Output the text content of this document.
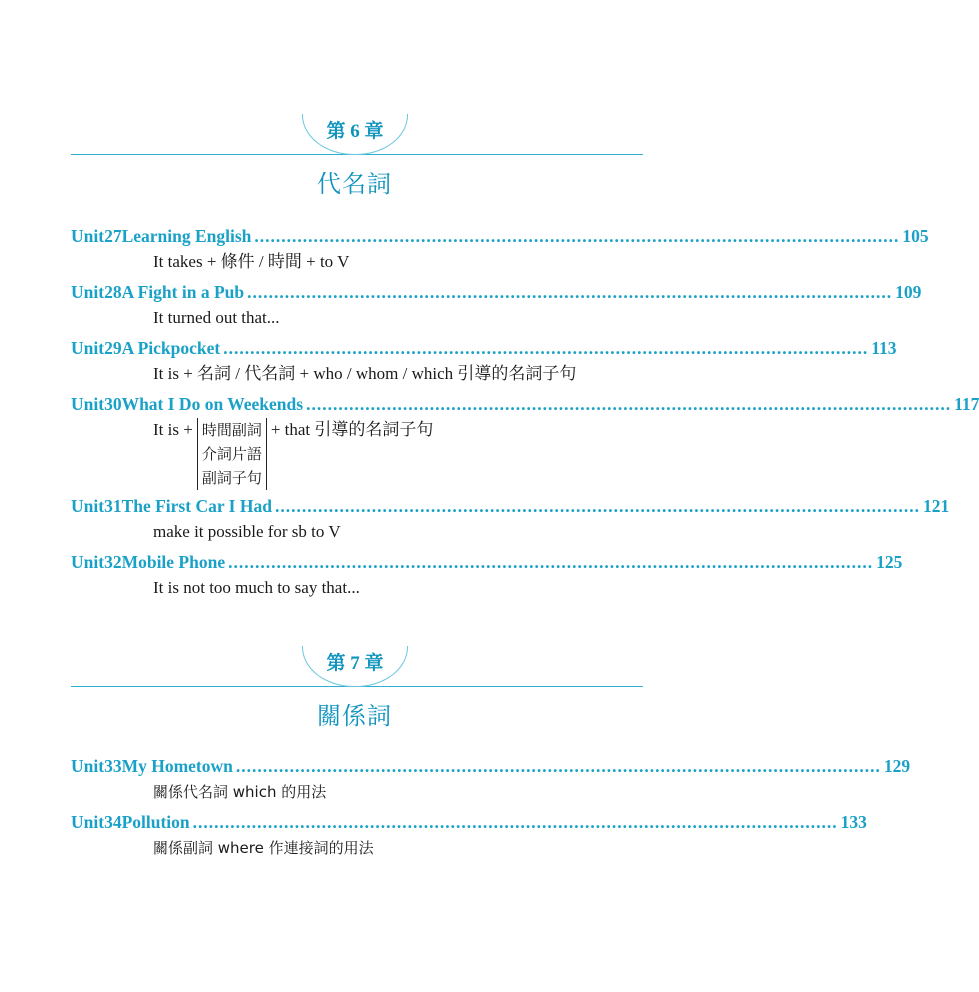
第 6 章
代名詞
Unit 27 Learning English ........................................................................................................................ 105
It takes + 條件 / 時間 + to V
Unit 28 A Fight in a Pub ........................................................................................................................ 109
It turned out that...
Unit 29 A Pickpocket ........................................................................................................................ 113
It is + 名詞 / 代名詞 + who / whom / which 引導的名詞子句
Unit 30 What I Do on Weekends ........................................................................................................................ 117
It is + 時間副詞
介詞片語
副詞子句
+ that 引導的名詞子句
Unit 31 The First Car I Had ........................................................................................................................ 121
make it possible for sb to V
Unit 32 Mobile Phone ........................................................................................................................ 125
It is not too much to say that...
第 7 章
關係詞
Unit 33 My Hometown ........................................................................................................................ 129
關係代名詞 which 的用法
Unit 34 Pollution ........................................................................................................................ 133
關係副詞 where 作連接詞的用法
